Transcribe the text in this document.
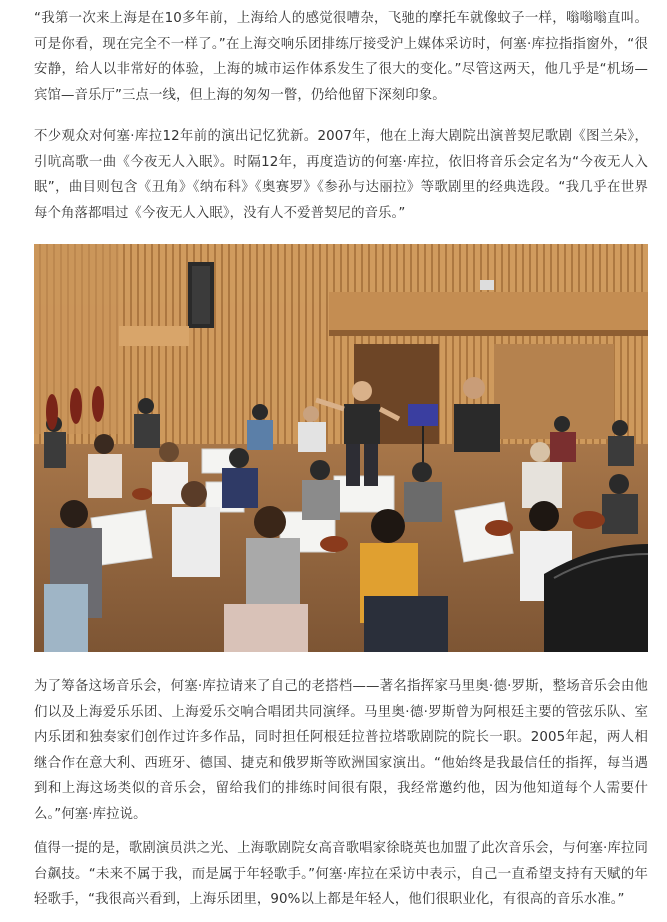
“我第一次来上海是在10多年前，上海给人的感觉很嘈杂，飞驰的摩托车就像蚊子一样，嗡嗡嗡直叫。可是你看，现在完全不一样了。”在上海交响乐团排练厅接受沪上媒体采访时，何塞·库拉指指窗外，“很安静，给人以非常好的体验，上海的城市运作体系发生了很大的变化。”尽管这两天，他几乎是“机场—宾馆—音乐厅”三点一线，但上海的匆匆一瞥，仍给他留下深刻印象。

不少观众对何塞·库拉12年前的演出记忆犹新。2007年，他在上海大剧院出演普契尼歌剧《图兰朵》，引吭高歌一曲《今夜无人入眠》。时隔12年，再度造访的何塞·库拉，依旧将音乐会定名为“今夜无人入眠”，曲目则包含《丑角》《纳布科》《奥赛罗》《参孙与达丽拉》等歌剧里的经典选段。“我几乎在世界每个角落都唱过《今夜无人入眠》，没有人不爱普契尼的音乐。”

为了筹备这场音乐会，何塞·库拉请来了自己的老搭档——著名指挥家马里奥·德·罗斯，整场音乐会由他们以及上海爱乐乐团、上海爱乐交响合唱团共同演绎。马里奥·德·罗斯曾为阿根廷主要的管弦乐队、室内乐团和独奏家们创作过许多作品，同时担任阿根廷拉普拉塔歌剧院的院长一职。2005年起，两人相继合作在意大利、西班牙、德国、捷克和俄罗斯等欧洲国家演出。“他始终是我最信任的指挥，每当遇到和上海这场类似的音乐会，留给我们的排练时间很有限，我经常邀约他，因为他知道每个人需要什么。”何塞·库拉说。

值得一提的是，歌剧演员洪之光、上海歌剧院女高音歌唱家徐晓英也加盟了此次音乐会，与何塞·库拉同台飙技。“未来不属于我，而是属于年轻歌手。”何塞·库拉在采访中表示，自己一直希望支持有天赋的年轻歌手，“我很高兴看到，上海乐团里，90%以上都是年轻人，他们很职业化，有很高的音乐水准。”
